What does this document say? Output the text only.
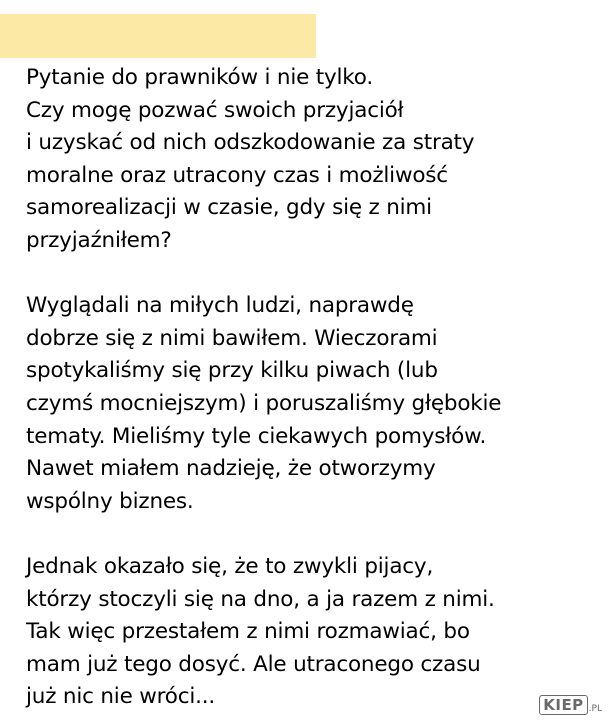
Pytanie do prawników i nie tylko.
Czy mogę pozwać swoich przyjaciół
i uzyskać od nich odszkodowanie za straty
moralne oraz utracony czas i możliwość
samorealizacji w czasie, gdy się z nimi
przyjaźniłem?
Wyglądali na miłych ludzi, naprawdę
dobrze się z nimi bawiłem. Wieczorami
spotykaliśmy się przy kilku piwach (lub
czymś mocniejszym) i poruszaliśmy głębokie
tematy. Mieliśmy tyle ciekawych pomysłów.
Nawet miałem nadzieję, że otworzymy
wspólny biznes.
Jednak okazało się, że to zwykli pijacy,
którzy stoczyli się na dno, a ja razem z nimi.
Tak więc przestałem z nimi rozmawiać, bo
mam już tego dosyć. Ale utraconego czasu
już nic nie wróci...	KIEP .PL
